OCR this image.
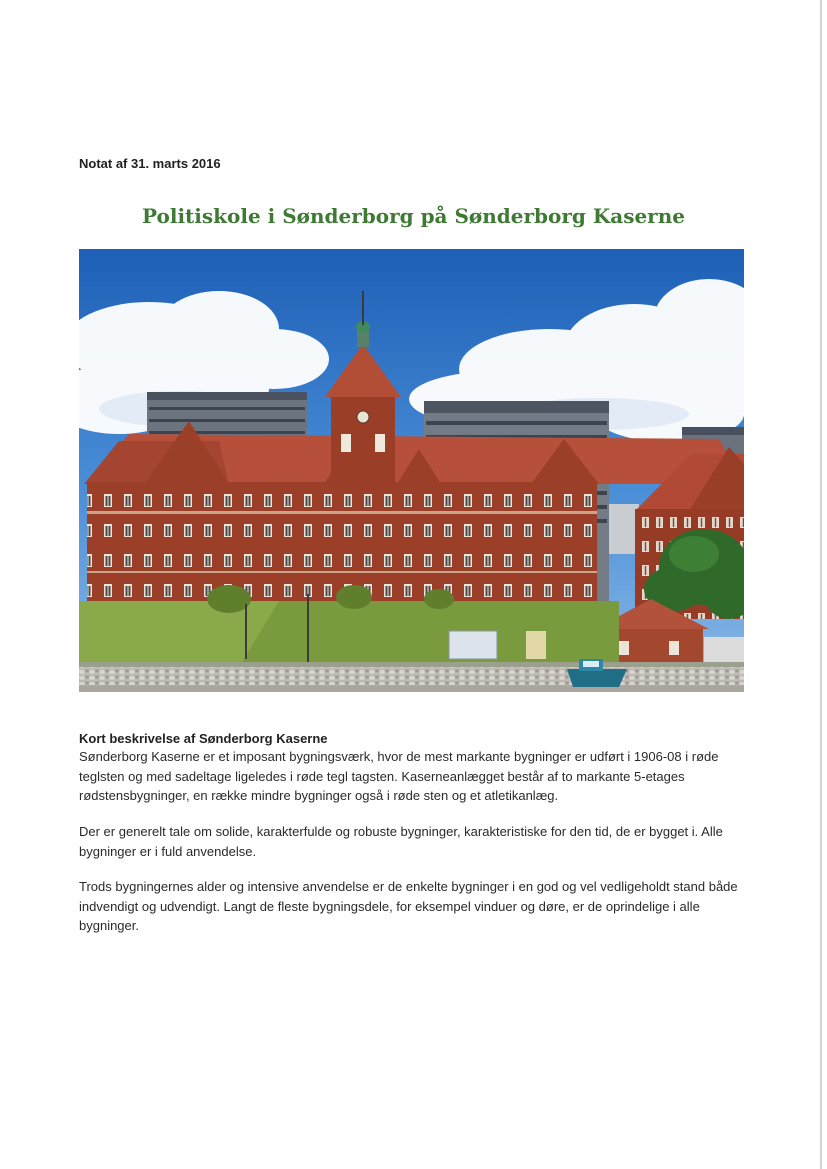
Notat af 31. marts 2016
Politiskole i Sønderborg på Sønderborg Kaserne
Kort beskrivelse af Sønderborg Kaserne
Sønderborg Kaserne er et imposant bygningsværk, hvor de mest markante bygninger er udført i 1906-08 i røde teglsten og med sadeltage ligeledes i røde tegl tagsten. Kaserneanlægget består af to markante 5-etages rødstensbygninger, en række mindre bygninger også i røde sten og et atletikanlæg.
Der er generelt tale om solide, karakterfulde og robuste bygninger, karakteristiske for den tid, de er bygget i. Alle bygninger er i fuld anvendelse.
Trods bygningernes alder og intensive anvendelse er de enkelte bygninger i en god og vel vedligeholdt stand både indvendigt og udvendigt. Langt de fleste bygningsdele, for eksempel vinduer og døre, er de oprindelige i alle bygninger.
